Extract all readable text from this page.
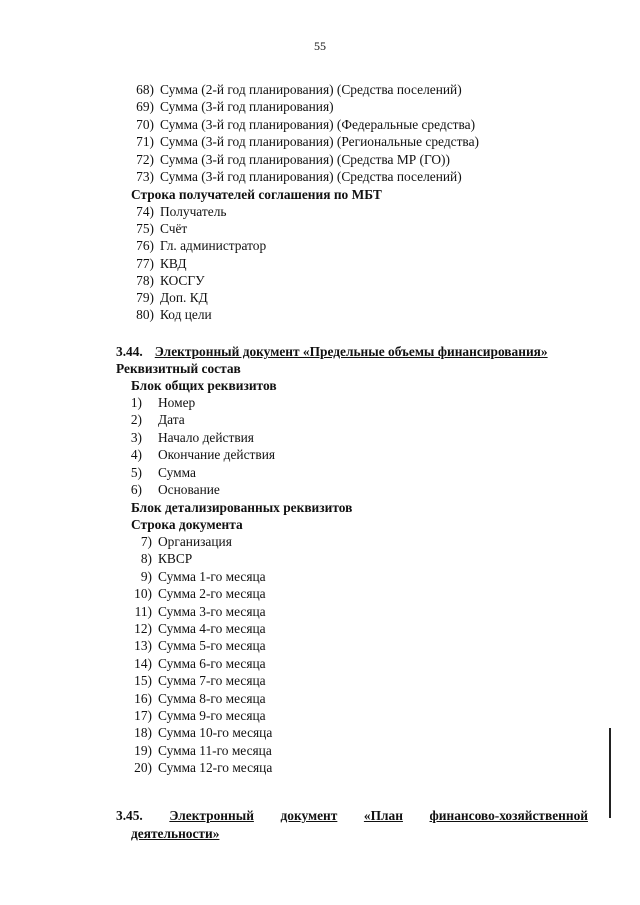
55
68) Сумма (2-й год планирования) (Средства поселений)
69) Сумма (3-й год планирования)
70) Сумма (3-й год планирования) (Федеральные средства)
71) Сумма (3-й год планирования) (Региональные средства)
72) Сумма (3-й год планирования) (Средства МР (ГО))
73) Сумма (3-й год планирования) (Средства поселений)
Строка получателей соглашения по МБТ
74) Получатель
75) Счёт
76) Гл. администратор
77) КВД
78) КОСГУ
79) Доп. КД
80) Код цели
3.44. Электронный документ «Предельные объемы финансирования»
Реквизитный состав
Блок общих реквизитов
1) Номер
2) Дата
3) Начало действия
4) Окончание действия
5) Сумма
6) Основание
Блок детализированных реквизитов
Строка документа
7) Организация
8) КВСР
9) Сумма 1-го месяца
10) Сумма 2-го месяца
11) Сумма 3-го месяца
12) Сумма 4-го месяца
13) Сумма 5-го месяца
14) Сумма 6-го месяца
15) Сумма 7-го месяца
16) Сумма 8-го месяца
17) Сумма 9-го месяца
18) Сумма 10-го месяца
19) Сумма 11-го месяца
20) Сумма 12-го месяца
3.45. Электронный документ «План финансово-хозяйственной
деятельности»
